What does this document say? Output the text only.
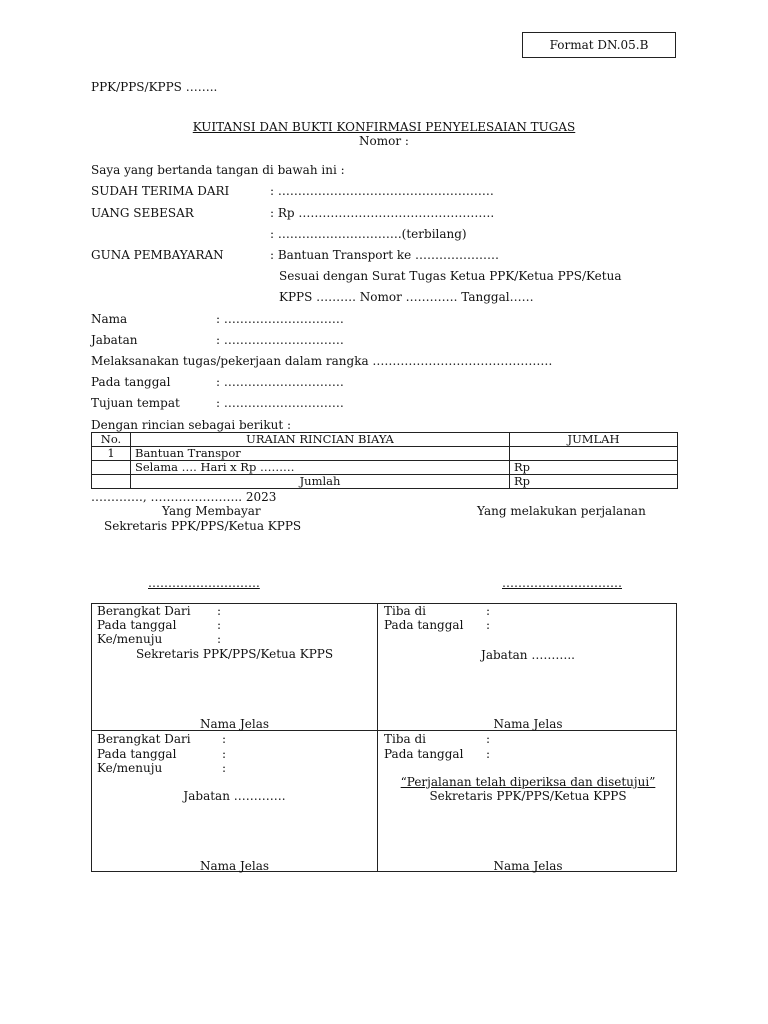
Format DN.05.B
PPK/PPS/KPPS ……..
KUITANSI DAN BUKTI KONFIRMASI PENYELESAIAN TUGAS
Nomor :
Saya yang bertanda tangan di bawah ini :
SUDAH TERIMA DARI	: ………………………………………………
UANG SEBESAR	: Rp ………………………………………….
: ………………………….(terbilang)
GUNA PEMBAYARAN	: Bantuan Transport ke …………………
Sesuai dengan Surat Tugas Ketua PPK/Ketua PPS/Ketua
KPPS ………. Nomor …………. Tanggal……
Nama	: …………………………
Jabatan	: …………………………
Melaksanakan tugas/pekerjaan dalam rangka ………………………………………
Pada tanggal	: …………………………
Tujuan tempat	: …………………………
Dengan rincian sebagai berikut :
No.	URAIAN RINCIAN BIAYA	JUMLAH
1	Bantuan Transpor	
	Selama …. Hari x Rp ………	Rp
	Jumlah	Rp
…………., ………………….. 2023
Yang Membayar
Sekretaris PPK/PPS/Ketua KPPS
Yang melakukan perjalanan
……………………….	…………………………
Berangkat Dari :
Pada tanggal	:
Ke/menuju	:
Sekretaris PPK/PPS/Ketua KPPS
Nama Jelas
Tiba di	:
Pada tanggal :
Jabatan ………..
Nama Jelas
Berangkat Dari	:
Pada tanggal	:
Ke/menuju	:
Jabatan ………….
Nama Jelas
Tiba di	:
Pada tanggal :
“Perjalanan telah diperiksa dan disetujui”
Sekretaris PPK/PPS/Ketua KPPS
Nama Jelas
